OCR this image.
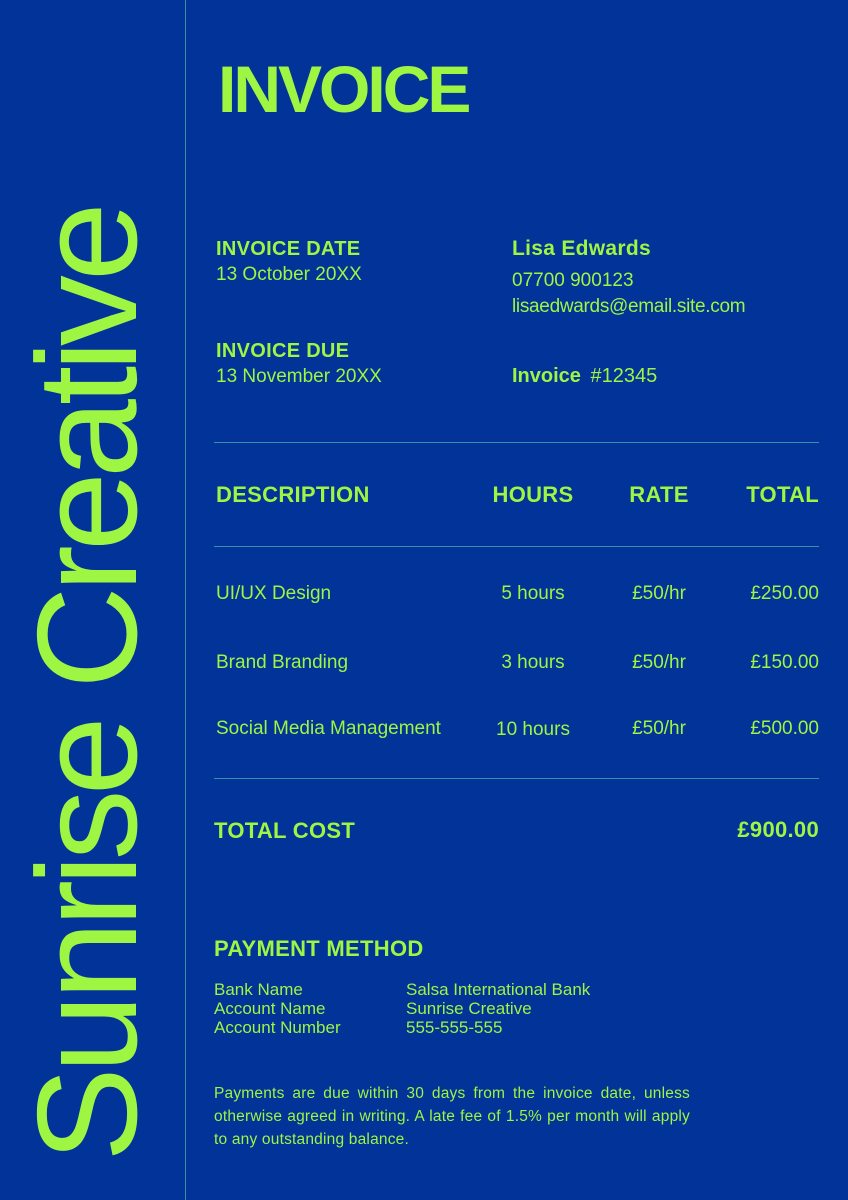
Sunrise Creative
INVOICE
INVOICE DATE
13 October 20XX
INVOICE DUE
13 November 20XX
Lisa Edwards
07700 900123
lisaedwards@email.site.com
Invoice #12345
DESCRIPTION	HOURS	RATE	TOTAL
UI/UX Design	5 hours	£50/hr	£250.00
Brand Branding	3 hours	£50/hr	£150.00
Social Media Management	10 hours	£50/hr	£500.00
TOTAL COST	£900.00
PAYMENT METHOD
Bank Name	Salsa International Bank
Account Name	Sunrise Creative
Account Number	555-555-555
Payments are due within 30 days from the invoice date, unless otherwise agreed in writing. A late fee of 1.5% per month will apply to any outstanding balance.
